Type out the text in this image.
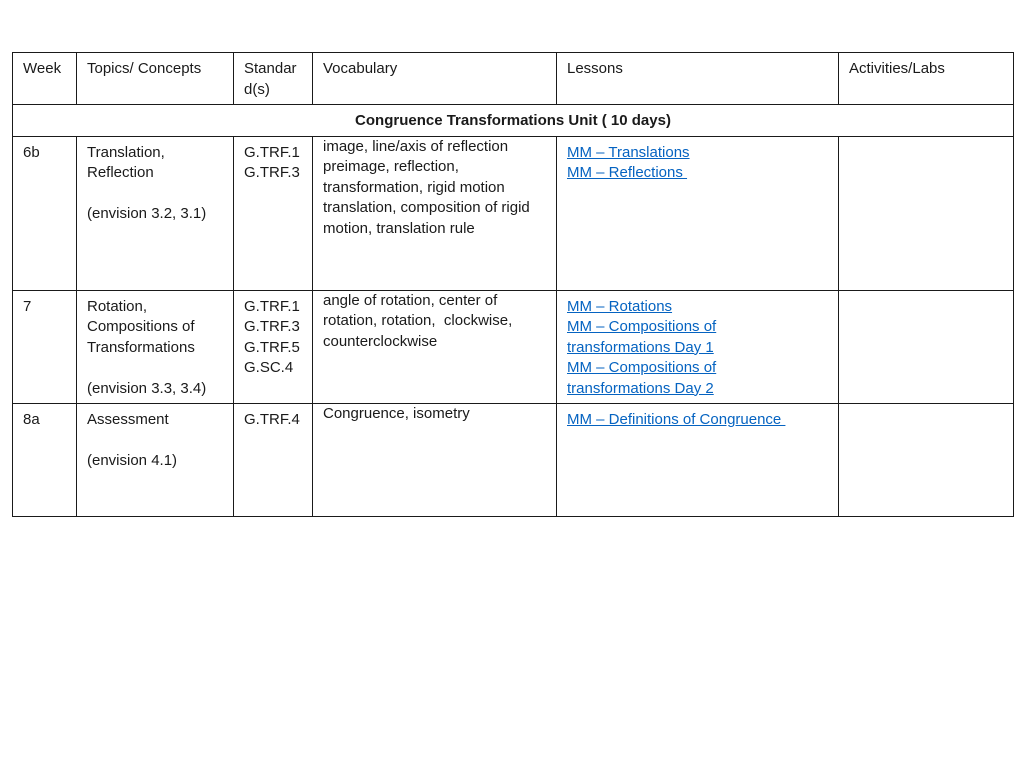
Week	Topics/ Concepts	Standar
d(s)	Vocabulary	Lessons	Activities/Labs

Congruence Transformations Unit ( 10 days)					

6b	Translation,
Reflection
(envision 3.2, 3.1)	G.TRF.1
G.TRF.3	image, line/axis of reflection
preimage, reflection,
transformation, rigid motion
translation, composition of rigid
motion, translation rule	MM – Translations
MM – Reflections	

7	Rotation,
Compositions of
Transformations
(envision 3.3, 3.4)	G.TRF.1
G.TRF.3
G.TRF.5
G.SC.4	angle of rotation, center of
rotation, rotation,  clockwise,
counterclockwise	MM – Rotations
MM – Compositions of
transformations Day 1
MM – Compositions of
transformations Day 2	

8a	Assessment
(envision 4.1)	G.TRF.4	Congruence, isometry	MM – Definitions of Congruence	
